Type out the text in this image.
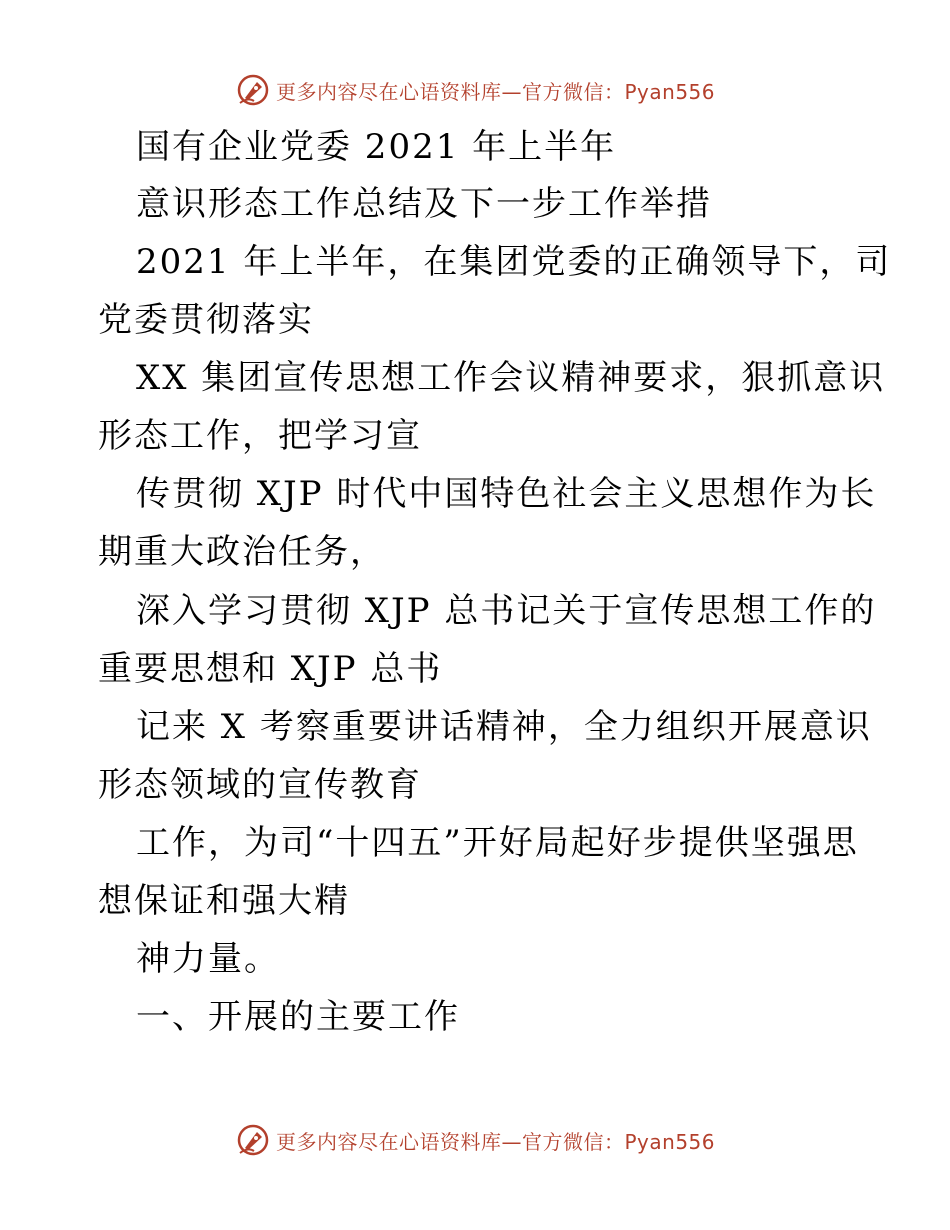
更多内容尽在心语资料库—官方微信：Pyan556
国有企业党委 2021 年上半年
意识形态工作总结及下一步工作举措
2021 年上半年，在集团党委的正确领导下，司
党委贯彻落实
XX 集团宣传思想工作会议精神要求，狠抓意识
形态工作，把学习宣
传贯彻 XJP 时代中国特色社会主义思想作为长
期重大政治任务，
深入学习贯彻 XJP 总书记关于宣传思想工作的
重要思想和 XJP 总书
记来 X 考察重要讲话精神，全力组织开展意识
形态领域的宣传教育
工作，为司“十四五”开好局起好步提供坚强思
想保证和强大精
神力量。
一、开展的主要工作
更多内容尽在心语资料库—官方微信：Pyan556
